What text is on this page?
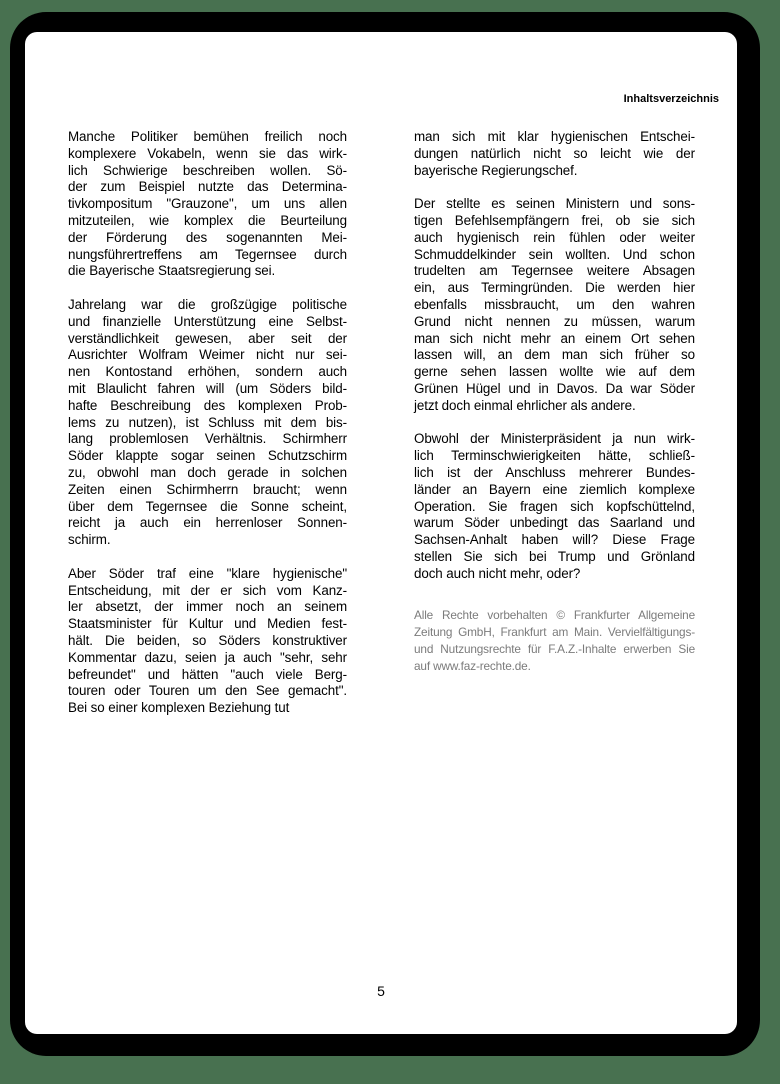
Inhaltsverzeichnis
Manche Politiker bemühen freilich noch
komplexere Vokabeln, wenn sie das wirk-
lich Schwierige beschreiben wollen. Sö-
der zum Beispiel nutzte das Determina-
tivkompositum "Grauzone", um uns allen
mitzuteilen, wie komplex die Beurteilung
der Förderung des sogenannten Mei-
nungsführertreffens am Tegernsee durch
die Bayerische Staatsregierung sei.
Jahrelang war die großzügige politische
und finanzielle Unterstützung eine Selbst-
verständlichkeit gewesen, aber seit der
Ausrichter Wolfram Weimer nicht nur sei-
nen Kontostand erhöhen, sondern auch
mit Blaulicht fahren will (um Söders bild-
hafte Beschreibung des komplexen Prob-
lems zu nutzen), ist Schluss mit dem bis-
lang problemlosen Verhältnis. Schirmherr
Söder klappte sogar seinen Schutzschirm
zu, obwohl man doch gerade in solchen
Zeiten einen Schirmherrn braucht; wenn
über dem Tegernsee die Sonne scheint,
reicht ja auch ein herrenloser Sonnen-
schirm.
Aber Söder traf eine "klare hygienische"
Entscheidung, mit der er sich vom Kanz-
ler absetzt, der immer noch an seinem
Staatsminister für Kultur und Medien fest-
hält. Die beiden, so Söders konstruktiver
Kommentar dazu, seien ja auch "sehr, sehr
befreundet" und hätten "auch viele Berg-
touren oder Touren um den See gemacht".
Bei so einer komplexen Beziehung tut
man sich mit klar hygienischen Entschei-
dungen natürlich nicht so leicht wie der
bayerische Regierungschef.
Der stellte es seinen Ministern und sons-
tigen Befehlsempfängern frei, ob sie sich
auch hygienisch rein fühlen oder weiter
Schmuddelkinder sein wollten. Und schon
trudelten am Tegernsee weitere Absagen
ein, aus Termingründen. Die werden hier
ebenfalls missbraucht, um den wahren
Grund nicht nennen zu müssen, warum
man sich nicht mehr an einem Ort sehen
lassen will, an dem man sich früher so
gerne sehen lassen wollte wie auf dem
Grünen Hügel und in Davos. Da war Söder
jetzt doch einmal ehrlicher als andere.
Obwohl der Ministerpräsident ja nun wirk-
lich Terminschwierigkeiten hätte, schließ-
lich ist der Anschluss mehrerer Bundes-
länder an Bayern eine ziemlich komplexe
Operation. Sie fragen sich kopfschüttelnd,
warum Söder unbedingt das Saarland und
Sachsen-Anhalt haben will? Diese Frage
stellen Sie sich bei Trump und Grönland
doch auch nicht mehr, oder?
Alle Rechte vorbehalten © Frankfurter Allgemeine
Zeitung GmbH, Frankfurt am Main. Vervielfältigungs-
und Nutzungsrechte für F.A.Z.-Inhalte erwerben Sie
auf www.faz-rechte.de.
5
